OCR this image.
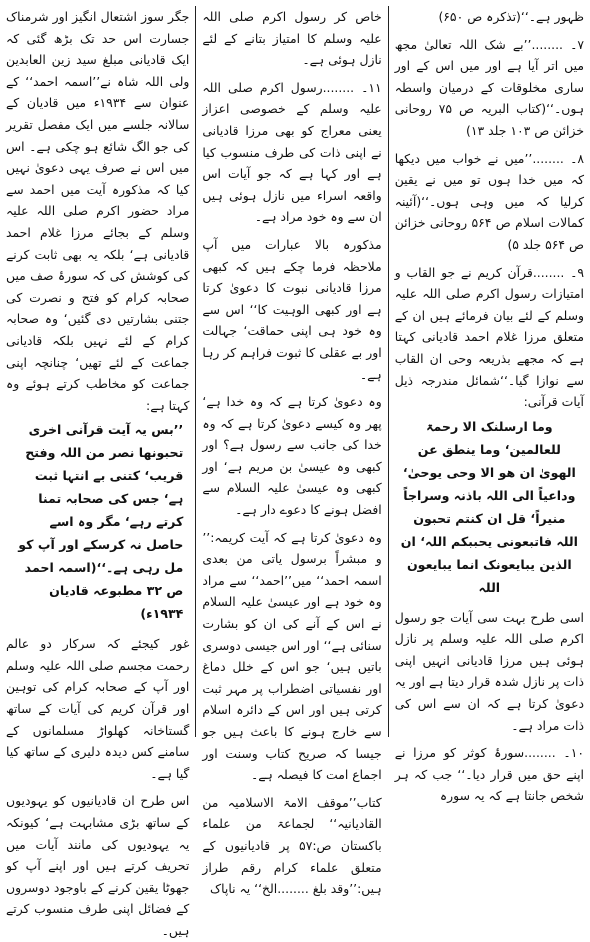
ظہور ہے۔‘‘(تذکرہ ص ۶۵۰)

۷۔ ........’’بے شک اللہ تعالیٰ مجھ میں اتر آیا ہے اور میں اس کے اور ساری مخلوقات کے درمیان واسطہ ہوں۔‘‘(کتاب البریہ ص ۷۵ روحانی خزائن ص ۱۰۳ جلد ۱۳)

۸۔ ........’’میں نے خواب میں دیکھا کہ میں خدا ہوں تو میں نے یقین کرلیا کہ میں وہی ہوں۔‘‘(آئینہ کمالات اسلام ص ۵۶۴ روحانی خزائن ص ۵۶۴ جلد ۵)

۹۔ ........قرآن کریم نے جو القاب و امتیازات رسول اکرم صلی اللہ علیہ وسلم کے لئے بیان فرمائے ہیں ان کے متعلق مرزا غلام احمد قادیانی کہتا ہے کہ مجھے بذریعہ وحی ان القاب سے نوازا گیا۔‘‘شمائل مندرجہ ذیل آیات قرآنی:

وما ارسلنک الا رحمۃ للعالمین‘ وما ینطق عن الھویٰ ان ھو الا وحی یوحیٰ‘ وداعیاً الی اللہ باذنہ وسراجاً منیراً‘ قل ان کنتم تحبون اللہ فاتبعونی یحببکم اللہ‘ ان الذین یبایعونک انما یبایعون اللہ

اسی طرح بہت سی آیات جو رسول اکرم صلی اللہ علیہ وسلم پر نازل ہوئی ہیں مرزا قادیانی انہیں اپنی ذات پر نازل شدہ قرار دیتا ہے اور یہ دعویٰ کرتا ہے کہ ان سے اس کی ذات مراد ہے۔

۱۰۔ ........سورۂ کوثر کو مرزا نے اپنے حق میں قرار دیا۔‘‘ جب کہ ہر شخص جانتا ہے کہ یہ سورہ

خاص کر رسول اکرم صلی اللہ علیہ وسلم کا امتیاز بتانے کے لئے نازل ہوئی ہے۔

۱۱۔ ........رسول اکرم صلی اللہ علیہ وسلم کے خصوصی اعزاز یعنی معراج کو بھی مرزا قادیانی نے اپنی ذات کی طرف منسوب کیا ہے اور کہا ہے کہ جو آیات اس واقعہ اسراء میں نازل ہوئی ہیں ان سے وہ خود مراد ہے۔

مذکورہ بالا عبارات میں آپ ملاحظہ فرما چکے ہیں کہ کبھی مرزا قادیانی نبوت کا دعویٰ کرتا ہے اور کبھی الوہیت کا‘‘ اس سے وہ خود ہی اپنی حماقت‘ جہالت اور بے عقلی کا ثبوت فراہم کر رہا ہے۔

وہ دعویٰ کرتا ہے کہ وہ خدا ہے‘ پھر وہ کیسے دعویٰ کرتا ہے کہ وہ خدا کی جانب سے رسول ہے؟ اور کبھی وہ عیسیٰ بن مریم ہے‘ اور کبھی وہ عیسیٰ علیہ السلام سے افضل ہونے کا دعوے دار ہے۔

وہ دعویٰ کرتا ہے کہ آیت کریمہ:’’ و مبشراً برسول یاتی من بعدی اسمہ احمد‘‘ میں’’احمد‘‘ سے مراد وہ خود ہے اور عیسیٰ علیہ السلام نے اس کے آنے کی ان کو بشارت سنائی ہے‘‘ اور اس جیسی دوسری باتیں ہیں‘ جو اس کے خلل دماغ اور نفسیاتی اضطراب پر مہر ثبت کرتی ہیں اور اس کے دائرہ اسلام سے خارج ہونے کا باعث ہیں جو جیسا کہ صریح کتاب وسنت اور اجماع امت کا فیصلہ ہے۔

کتاب’’موقف الامۃ الاسلامیہ من القادیانیہ‘‘ لجماعۃ من علماء باکستان ص:۵۷ پر قادیانیوں کے متعلق علماء کرام رقم طراز ہیں:’’وقد بلغ ........الخ‘‘ یہ ناپاک

جگر سوز اشتعال انگیز اور شرمناک جسارت اس حد تک بڑھ گئی کہ ایک قادیانی مبلغ سید زین العابدین ولی اللہ شاہ نے’’اسمہ احمد‘‘ کے عنوان سے ۱۹۳۴ء میں قادیان کے سالانہ جلسے میں ایک مفصل تقریر کی جو الگ شائع ہو چکی ہے۔ اس میں اس نے صرف یہی دعویٰ نہیں کیا کہ مذکورہ آیت میں احمد سے مراد حضور اکرم صلی اللہ علیہ وسلم کے بجائے مرزا غلام احمد قادیانی ہے‘ بلکہ یہ بھی ثابت کرنے کی کوشش کی کہ سورۂ صف میں صحابہ کرام کو فتح و نصرت کی جتنی بشارتیں دی گئیں‘ وہ صحابہ کرام کے لئے نہیں بلکہ قادیانی جماعت کے لئے تھیں‘ چنانچہ اپنی جماعت کو مخاطب کرتے ہوئے وہ کہتا ہے:

’’بس یہ آیت قرآنی اخری تحبونھا نصر من اللہ وفتح قریب‘ کتنی بے انتہا ثبت ہے‘ جس کی صحابہ تمنا کرتے رہے‘ مگر وہ اسے حاصل نہ کرسکے اور آپ کو مل رہی ہے۔‘‘(اسمہ احمد ص ۳۲ مطبوعہ قادیان ۱۹۳۴ء)

غور کیجئے کہ سرکار دو عالم رحمت مجسم صلی اللہ علیہ وسلم اور آپ کے صحابہ کرام کی توہین اور قرآن کریم کی آیات کے ساتھ گستاخانہ کھلواڑ مسلمانوں کے سامنے کس دیدہ دلیری کے ساتھ کیا گیا ہے۔

اس طرح ان قادیانیوں کو یہودیوں کے ساتھ بڑی مشابہت ہے‘ کیونکہ یہ یہودیوں کی مانند آیات میں تحریف کرتے ہیں اور اپنے آپ کو جھوٹا یقین کرنے کے باوجود دوسروں کے فضائل اپنی طرف منسوب کرتے ہیں۔
